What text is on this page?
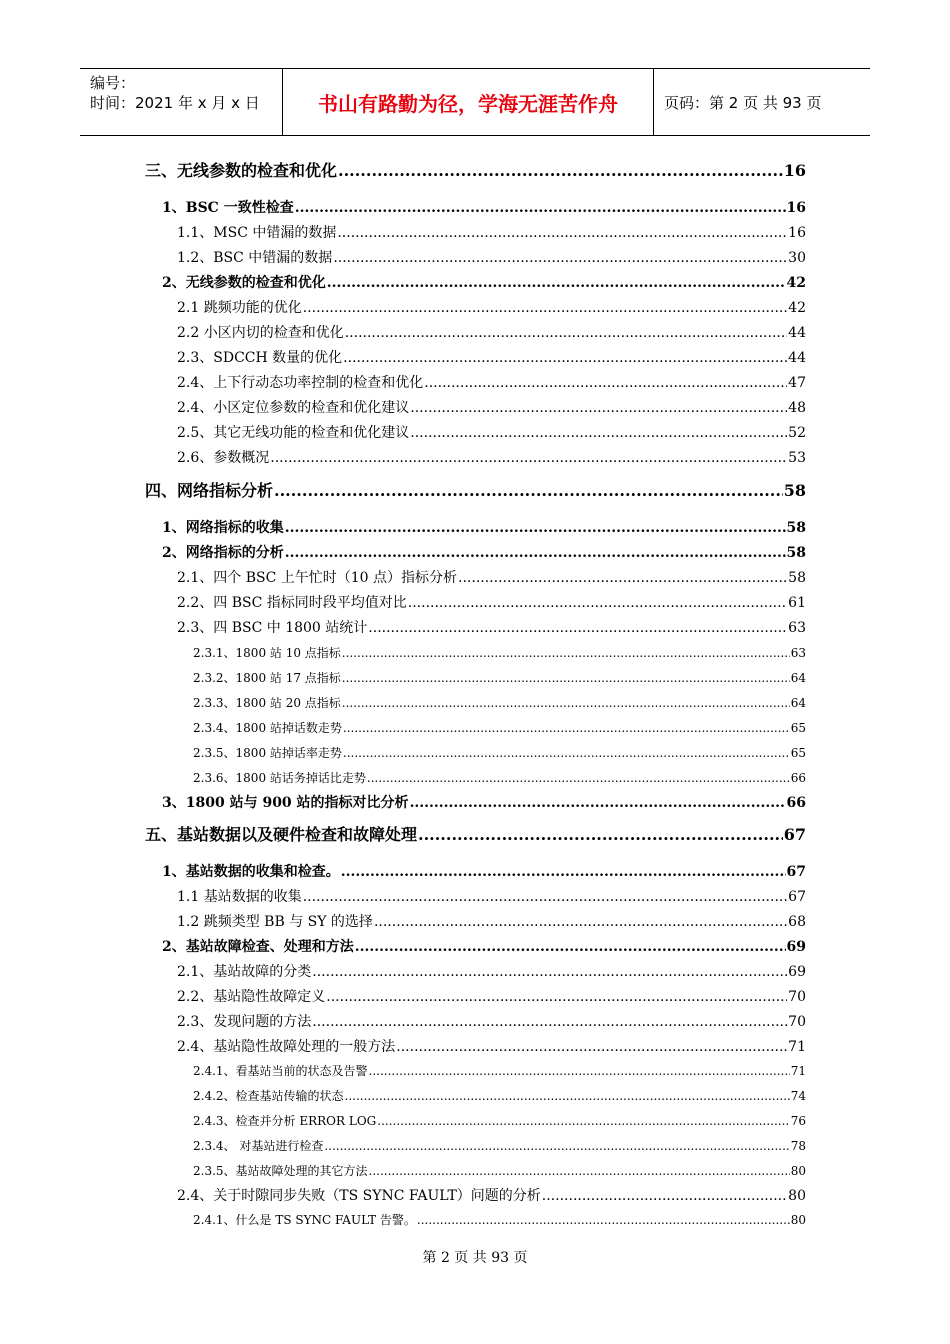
编号：
时间：2021 年 x 月 x 日	书山有路勤为径，学海无涯苦作舟	页码：第 2 页 共 93 页
三、无线参数的检查和优化 .....	16
1、BSC 一致性检查 .....	16
1.1、MSC 中错漏的数据 .....	16
1.2、BSC 中错漏的数据 .....	30
2、无线参数的检查和优化 .....	42
2.1 跳频功能的优化 .....	42
2.2 小区内切的检查和优化 .....	44
2.3、SDCCH 数量的优化 .....	44
2.4、上下行动态功率控制的检查和优化 .....	47
2.4、小区定位参数的检查和优化建议 .....	48
2.5、其它无线功能的检查和优化建议 .....	52
2.6、参数概况 .....	53
四、网络指标分析 .....	58
1、网络指标的收集 .....	58
2、网络指标的分析 .....	58
2.1、四个 BSC 上午忙时（10 点）指标分析 .....	58
2.2、四 BSC 指标同时段平均值对比 .....	61
2.3、四 BSC 中 1800 站统计 .....	63
2.3.1、1800 站 10 点指标 .....	63
2.3.2、1800 站 17 点指标 .....	64
2.3.3、1800 站 20 点指标 .....	64
2.3.4、1800 站掉话数走势 .....	65
2.3.5、1800 站掉话率走势 .....	65
2.3.6、1800 站话务掉话比走势 .....	66
3、1800 站与 900 站的指标对比分析 .....	66
五、基站数据以及硬件检查和故障处理 .....	67
1、基站数据的收集和检查。 .....	67
1.1 基站数据的收集 .....	67
1.2 跳频类型 BB 与 SY 的选择 .....	68
2、基站故障检查、处理和方法 .....	69
2.1、基站故障的分类 .....	69
2.2、基站隐性故障定义 .....	70
2.3、发现问题的方法 .....	70
2.4、基站隐性故障处理的一般方法 .....	71
2.4.1、看基站当前的状态及告警 .....	71
2.4.2、检查基站传输的状态 .....	74
2.4.3、检查并分析 ERROR LOG .....	76
2.3.4、 对基站进行检查 .....	78
2.3.5、基站故障处理的其它方法 .....	80
2.4、关于时隙同步失败（TS SYNC FAULT）问题的分析 .....	80
2.4.1、什么是 TS SYNC FAULT 告警。 .....	80
第 2 页 共 93 页
